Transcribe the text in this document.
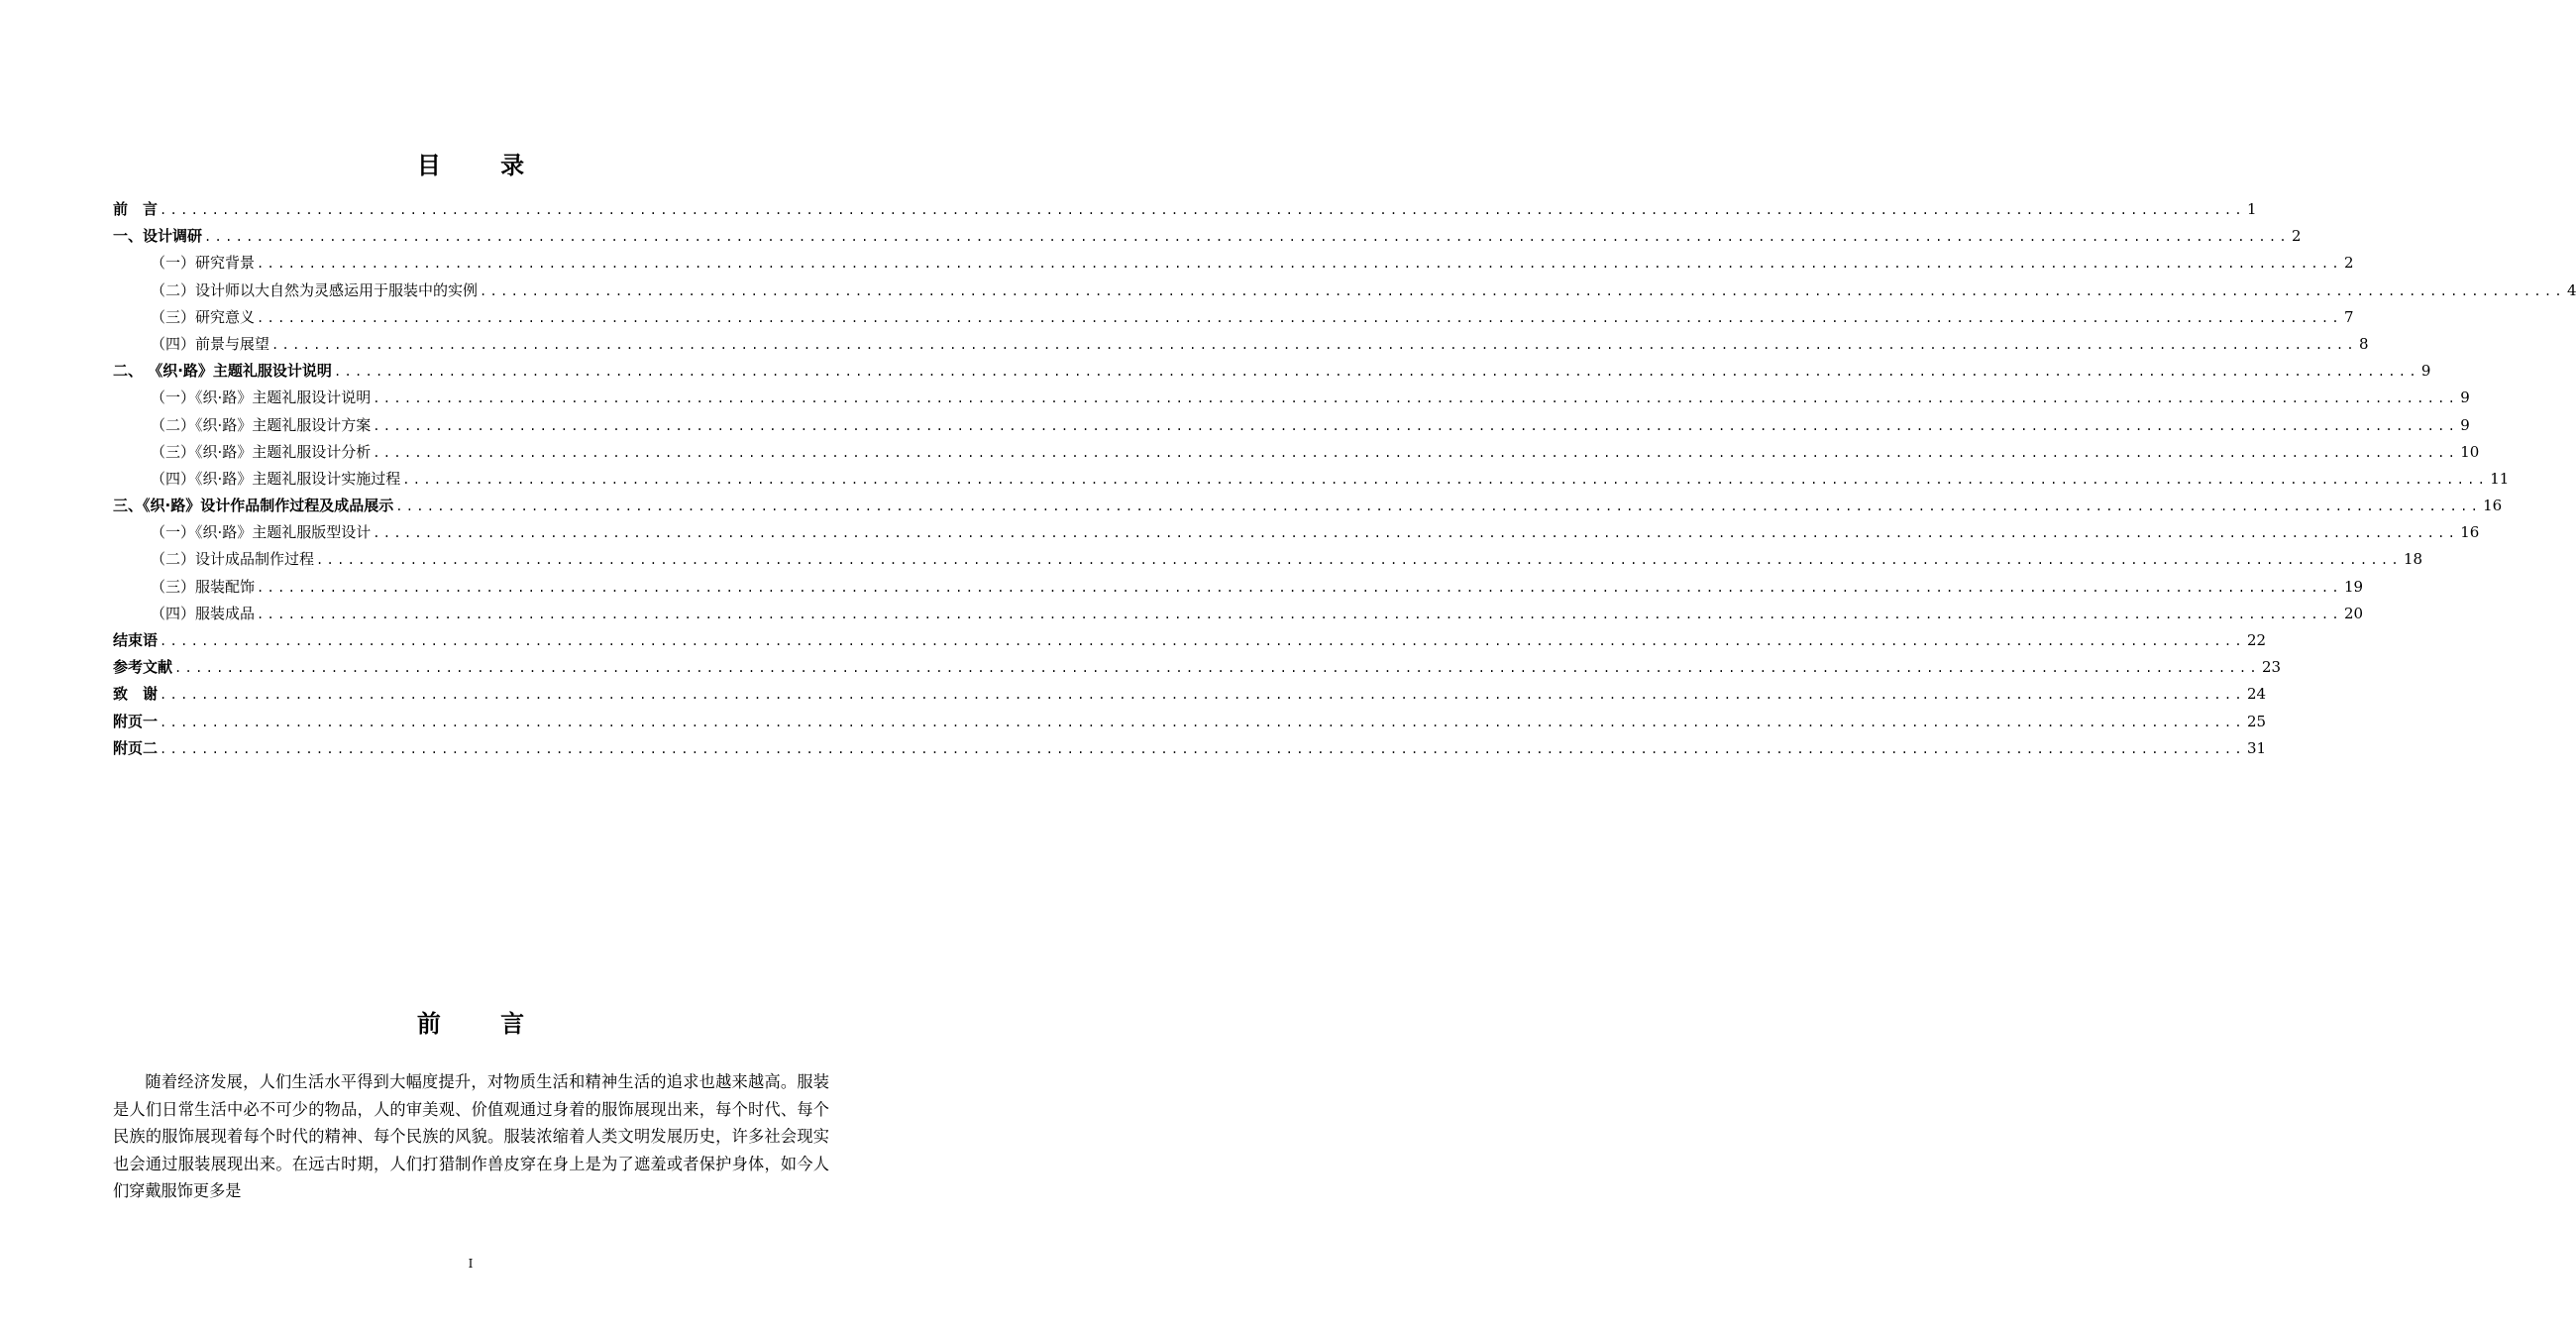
目 录
前　言 ........................................................................................................................................................................................................ 1
一、设计调研 ........................................................................................................................................................................................................ 2
（一）研究背景 ........................................................................................................................................................................................................ 2
（二）设计师以大自然为灵感运用于服装中的实例 ........................................................................................................................................................................................................ 4
（三）研究意义 ........................................................................................................................................................................................................ 7
（四）前景与展望 ........................................................................................................................................................................................................ 8
二、 《织·路》主题礼服设计说明 ........................................................................................................................................................................................................ 9
（一）《织·路》主题礼服设计说明 ........................................................................................................................................................................................................ 9
（二）《织·路》主题礼服设计方案 ........................................................................................................................................................................................................ 9
（三）《织·路》主题礼服设计分析 ........................................................................................................................................................................................................ 10
（四）《织·路》主题礼服设计实施过程 ........................................................................................................................................................................................................ 11
三、《织·路》设计作品制作过程及成品展示 ........................................................................................................................................................................................................ 16
（一）《织·路》主题礼服版型设计 ........................................................................................................................................................................................................ 16
（二）设计成品制作过程 ........................................................................................................................................................................................................ 18
（三）服装配饰 ........................................................................................................................................................................................................ 19
（四）服装成品 ........................................................................................................................................................................................................ 20
结束语 ........................................................................................................................................................................................................ 22
参考文献 ........................................................................................................................................................................................................ 23
致　谢 ........................................................................................................................................................................................................ 24
附页一 ........................................................................................................................................................................................................ 25
附页二 ........................................................................................................................................................................................................ 31
前 言

随着经济发展，人们生活水平得到大幅度提升，对物质生活和精神生活的追求也越来越高。服装是人们日常生活中必不可少的物品，人的审美观、价值观通过身着的服饰展现出来，每个时代、每个民族的服饰展现着每个时代的精神、每个民族的风貌。服装浓缩着人类文明发展历史，许多社会现实也会通过服装展现出来。在远古时期，人们打猎制作兽皮穿在身上是为了遮羞或者保护身体，如今人们穿戴服饰更多是

I
